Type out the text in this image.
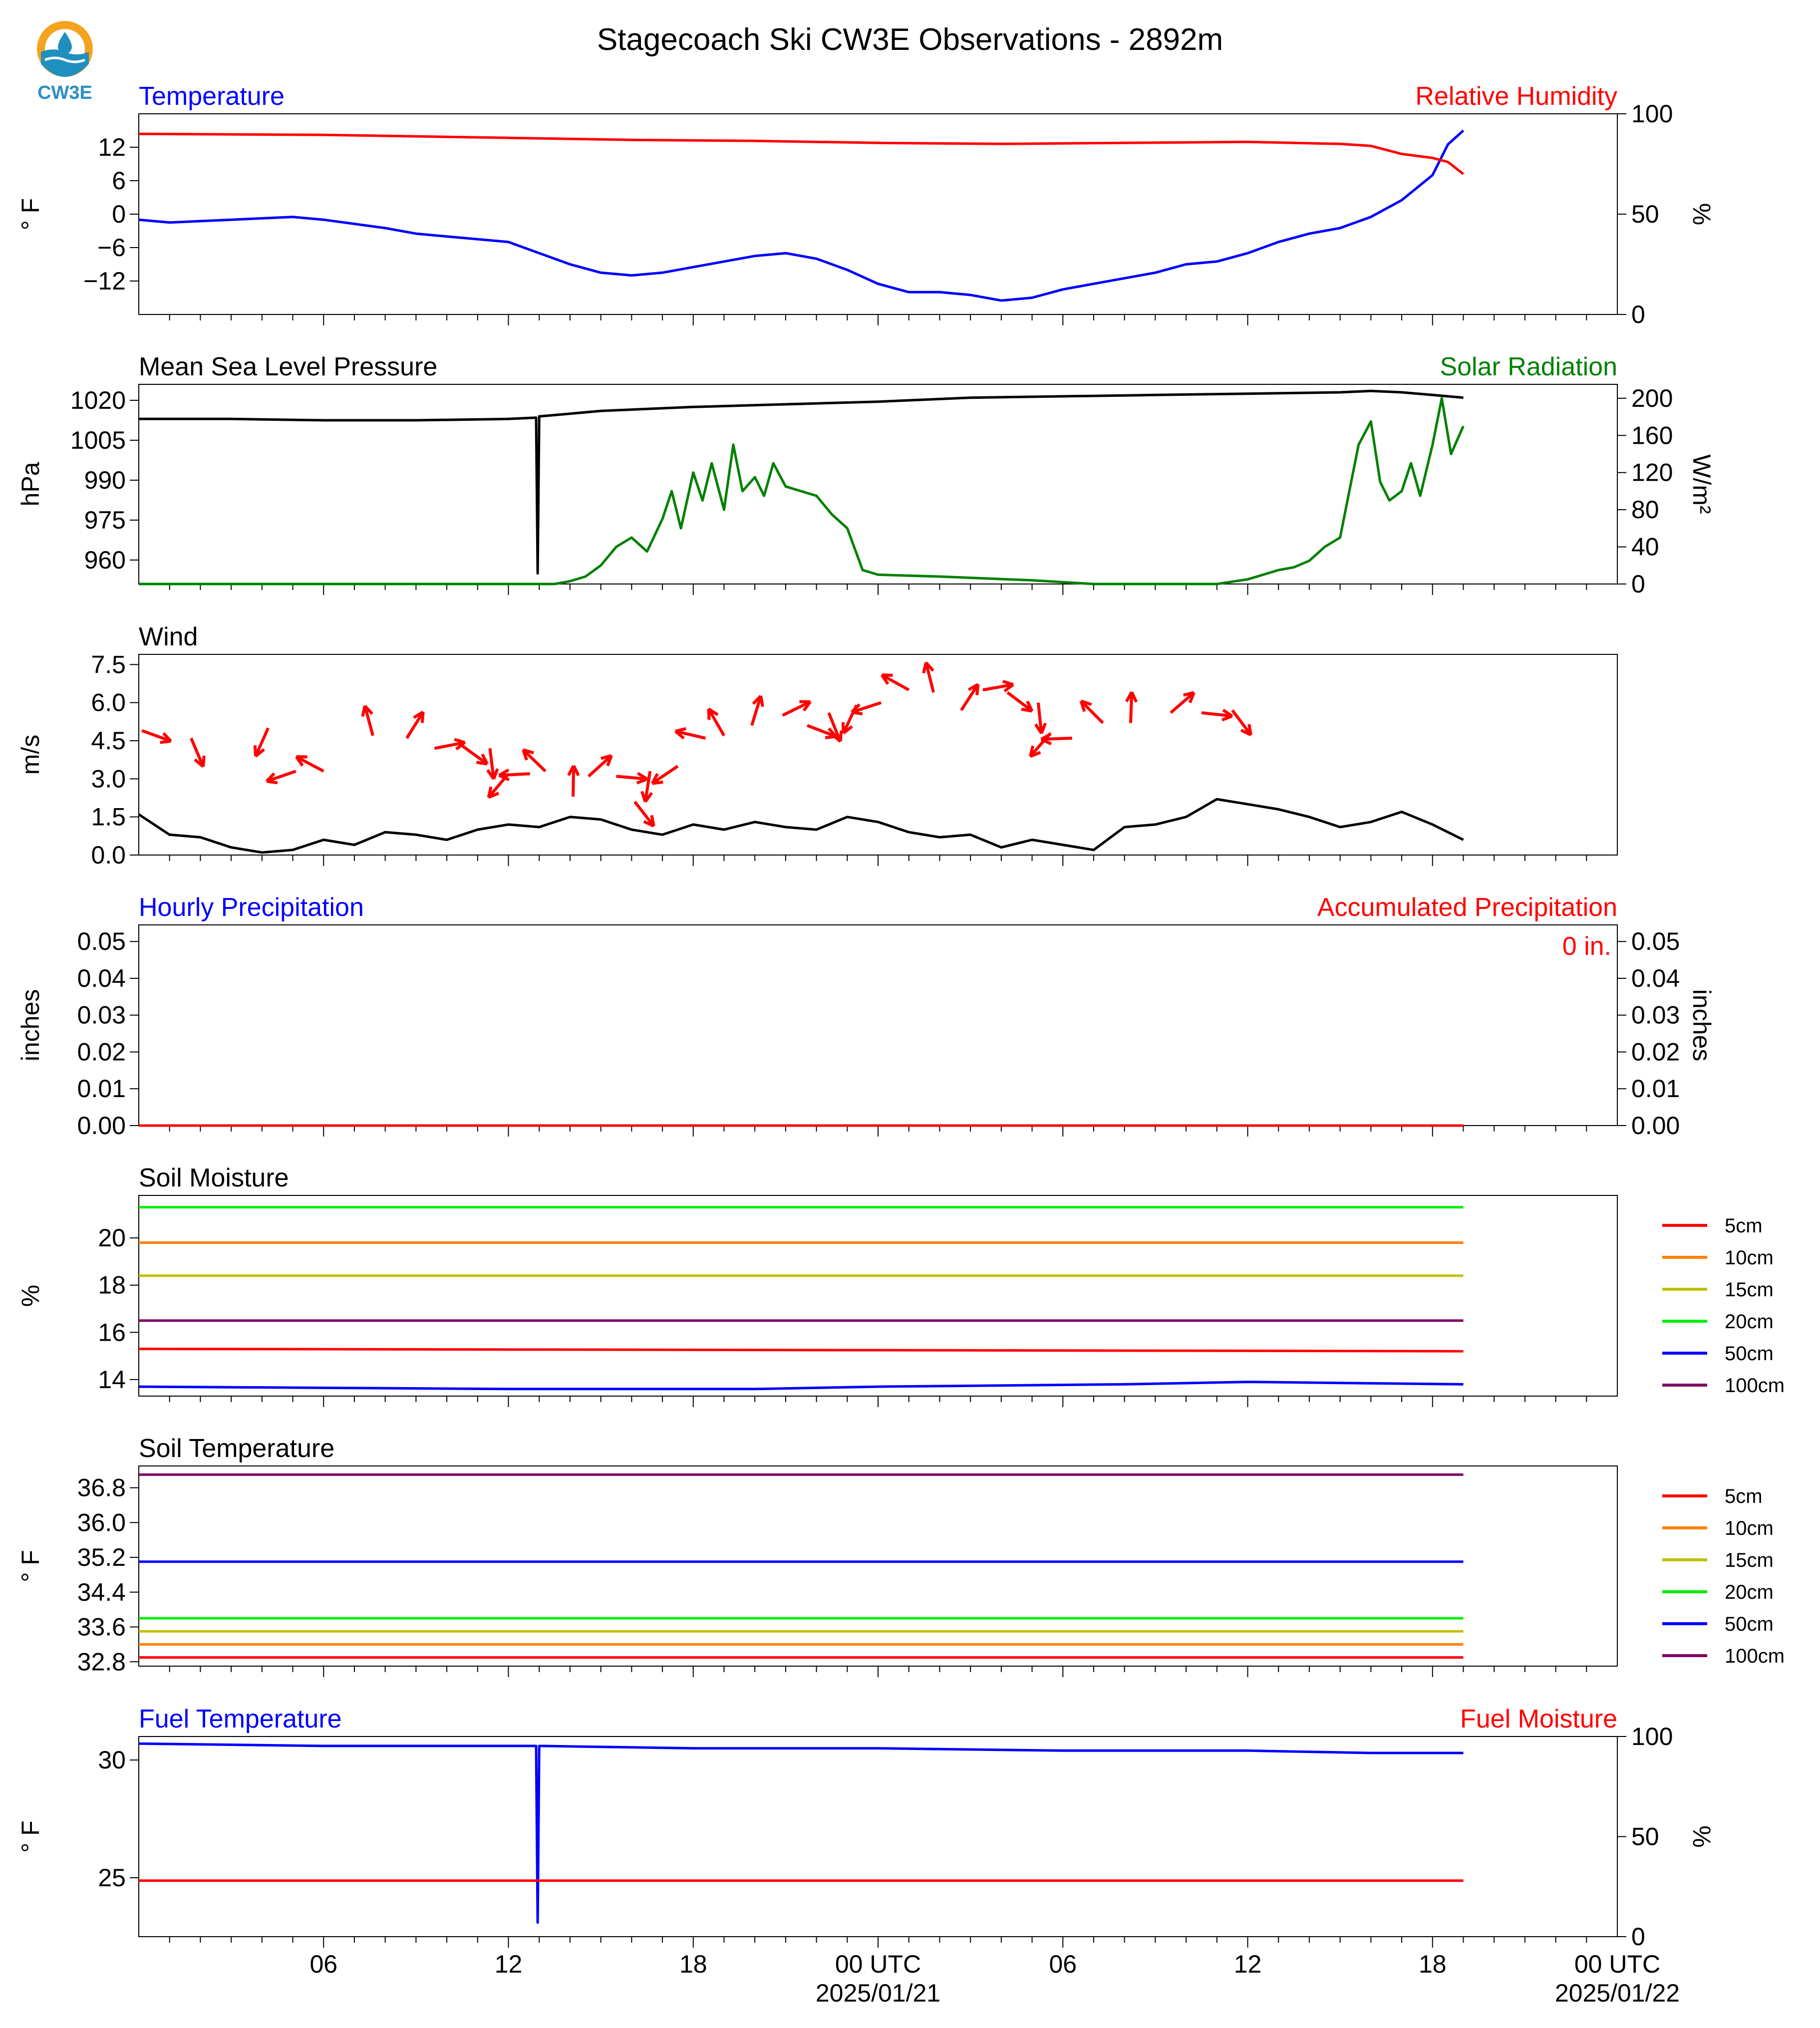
CW3E
Stagecoach Ski CW3E Observations - 2892m
Temperature	Relative Humidity
−12
−6
0
6
12
° F
0
50
100
%
Mean Sea Level Pressure	Solar Radiation
960
975
990
1005
1020
hPa
0
40
80
120
160
200
W/m²
Wind
0.0
1.5
3.0
4.5
6.0
7.5
m/s
Hourly Precipitation	Accumulated Precipitation
0.00
0.01
0.02
0.03
0.04
0.05
inches
0.00
0.01
0.02
0.03
0.04
0.05
inches
0 in.
Soil Moisture
14
16
18
20
%
5cm
10cm
15cm
20cm
50cm
100cm
Soil Temperature
32.8
33.6
34.4
35.2
36.0
36.8
° F
5cm
10cm
15cm
20cm
50cm
100cm
Fuel Temperature	Fuel Moisture
25
30
° F
0
50
100
%
06	12	18	00 UTC	06	12	18	00 UTC
2025/01/21	2025/01/22
